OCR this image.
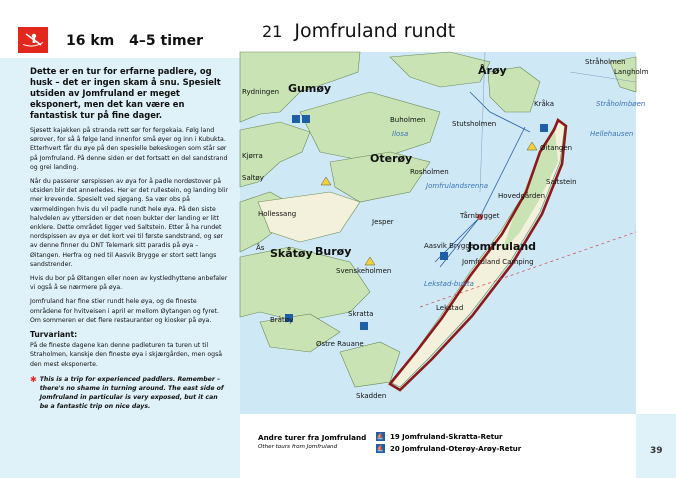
16 km 4–5 timer	21 Jomfruland rundt

Dette er en tur for erfarne padlere, og husk – det er ingen skam å snu. Spesielt utsiden av Jomfruland er meget eksponert, men det kan være en fantastisk tur på fine dager.

Sjøsett kajakken på stranda rett sør for fergekaia. Følg land sørover, for så å følge land innenfor små øyer og inn i Kubukta. Etterhvert får du øye på den spesielle bøkeskogen som står sør på Jomfruland. På denne siden er det fortsatt en del sandstrand og grei landing.

Når du passerer sørspissen av øya for å padle nordøstover på utsiden blir det annerledes. Her er det rullestein, og landing blir mer krevende. Spesielt ved sjøgang. Sa vær obs på værmeldingen hvis du vil padle rundt hele øya. På den siste halvdelen av yttersiden er det noen bukter der landing er litt enklere. Dette området ligger ved Saltstein. Etter å ha rundet nordspissen av øya er det kort vei til første sandstrand, og sør av denne finner du DNT Telemark sitt paradis på øya – Øitangen. Herfra og ned til Aasvik Brygge er stort sett langs sandstrender.

Hvis du bor på Øitangen eller noen av kystledhyttene anbefaler vi også å se nærmere på øya.

Jomfruland har fine stier rundt hele øya, og de fineste områdene for hvitveisen i april er mellom Øytangen og fyret. Om sommeren er det flere restauranter og kiosker på øya.

Turvariant:

På de fineste dagene kan denne padleturen ta turen ut til Straholmen, kanskje den fineste øya i skjærgården, men også den mest eksponerte.

✱ This is a trip for experienced paddlers. Remember – there's no shame in turning around. The east side of Jomfruland in particular is very exposed, but it can be a fantastic trip on nice days.
Gumøy
Skåtøy
Oterøy
Burøy	Jomfruland
Rydningen
Kjørra
Saltøy
Hollessang
Ås
Brâtøy
Skratta
Østre Rauane
Svenskeholmen
Jesper
Aasvik Brygge
Jomfruland Camping
Lekstad
Skadden
Buholmen	Stutsholmen
Rosholmen
Årøy
Kråka
Stråholmen
Langholm
Øitangen
Hovedgården
Tårnbygget
Saltstein
Ilosa
Jomfrulandsrenna
Lekstad-bukta
Hellehausen
Stråholmbøen
Andre turer fra Jomfruland
Other tours from Jomfruland
⛵ 19 Jomfruland-Skratta-Retur
⛵ 20 Jomfruland-Oterøy-Arøy-Retur	39
